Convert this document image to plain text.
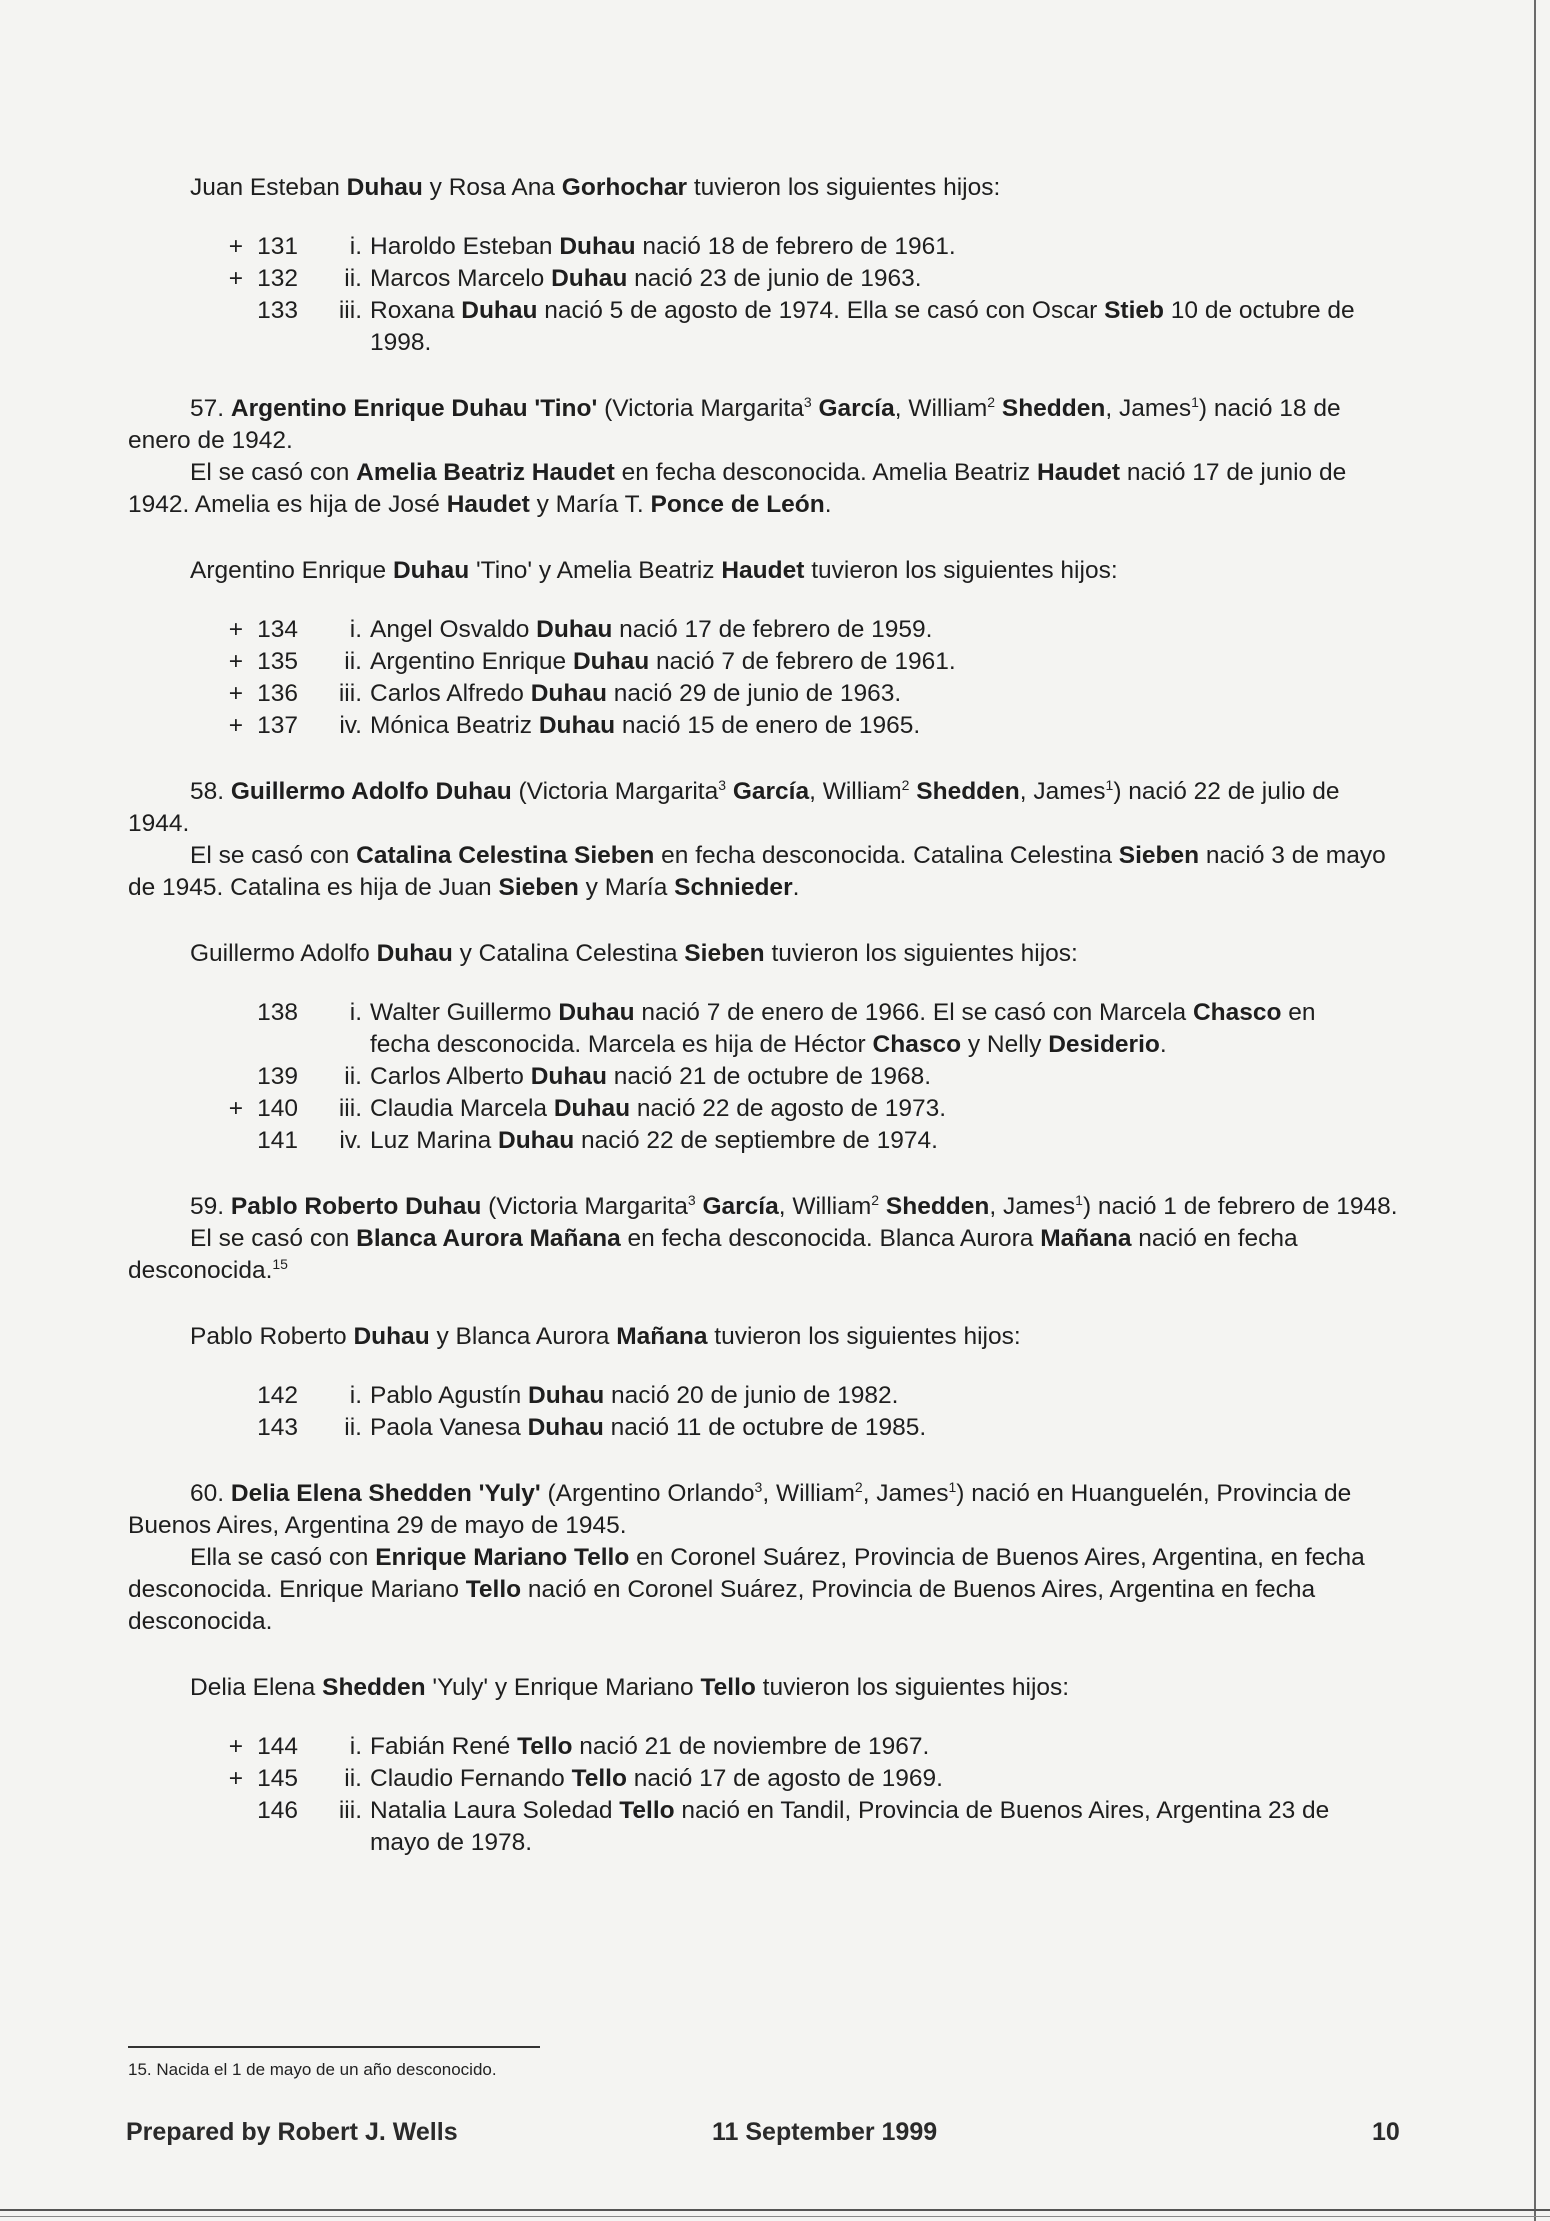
Juan Esteban Duhau y Rosa Ana Gorhochar tuvieron los siguientes hijos:

+ 131	i. Haroldo Esteban Duhau nació 18 de febrero de 1961.
+ 132	ii. Marcos Marcelo Duhau nació 23 de junio de 1963.
133	iii. Roxana Duhau nació 5 de agosto de 1974. Ella se casó con Oscar Stieb 10 de octubre de 1998.

57. Argentino Enrique Duhau 'Tino' (Victoria Margarita$^3$ García, William$^2$ Shedden, James$^1$) nació 18 de enero de 1942.

El se casó con Amelia Beatriz Haudet en fecha desconocida. Amelia Beatriz Haudet nació 17 de junio de 1942. Amelia es hija de José Haudet y María T. Ponce de León.

Argentino Enrique Duhau 'Tino' y Amelia Beatriz Haudet tuvieron los siguientes hijos:

+ 134	i. Angel Osvaldo Duhau nació 17 de febrero de 1959.
+ 135	ii. Argentino Enrique Duhau nació 7 de febrero de 1961.
+ 136	iii. Carlos Alfredo Duhau nació 29 de junio de 1963.
+ 137	iv. Mónica Beatriz Duhau nació 15 de enero de 1965.

58. Guillermo Adolfo Duhau (Victoria Margarita$^3$ García, William$^2$ Shedden, James$^1$) nació 22 de julio de 1944.

El se casó con Catalina Celestina Sieben en fecha desconocida. Catalina Celestina Sieben nació 3 de mayo de 1945. Catalina es hija de Juan Sieben y María Schnieder.

Guillermo Adolfo Duhau y Catalina Celestina Sieben tuvieron los siguientes hijos:

138	i. Walter Guillermo Duhau nació 7 de enero de 1966. El se casó con Marcela Chasco en fecha desconocida. Marcela es hija de Héctor Chasco y Nelly Desiderio.
139	ii. Carlos Alberto Duhau nació 21 de octubre de 1968.
+ 140	iii. Claudia Marcela Duhau nació 22 de agosto de 1973.
141	iv. Luz Marina Duhau nació 22 de septiembre de 1974.

59. Pablo Roberto Duhau (Victoria Margarita$^3$ García, William$^2$ Shedden, James$^1$) nació 1 de febrero de 1948.

El se casó con Blanca Aurora Mañana en fecha desconocida. Blanca Aurora Mañana nació en fecha desconocida.$^{15}$

Pablo Roberto Duhau y Blanca Aurora Mañana tuvieron los siguientes hijos:

142	i. Pablo Agustín Duhau nació 20 de junio de 1982.
143	ii. Paola Vanesa Duhau nació 11 de octubre de 1985.

60. Delia Elena Shedden 'Yuly' (Argentino Orlando$^3$, William$^2$, James$^1$) nació en Huanguelén, Provincia de Buenos Aires, Argentina 29 de mayo de 1945.

Ella se casó con Enrique Mariano Tello en Coronel Suárez, Provincia de Buenos Aires, Argentina, en fecha desconocida. Enrique Mariano Tello nació en Coronel Suárez, Provincia de Buenos Aires, Argentina en fecha desconocida.

Delia Elena Shedden 'Yuly' y Enrique Mariano Tello tuvieron los siguientes hijos:

+ 144	i. Fabián René Tello nació 21 de noviembre de 1967.
+ 145	ii. Claudio Fernando Tello nació 17 de agosto de 1969.
146	iii. Natalia Laura Soledad Tello nació en Tandil, Provincia de Buenos Aires, Argentina 23 de mayo de 1978.
15. Nacida el 1 de mayo de un año desconocido.
Prepared by Robert J. Wells	11 September 1999	10
